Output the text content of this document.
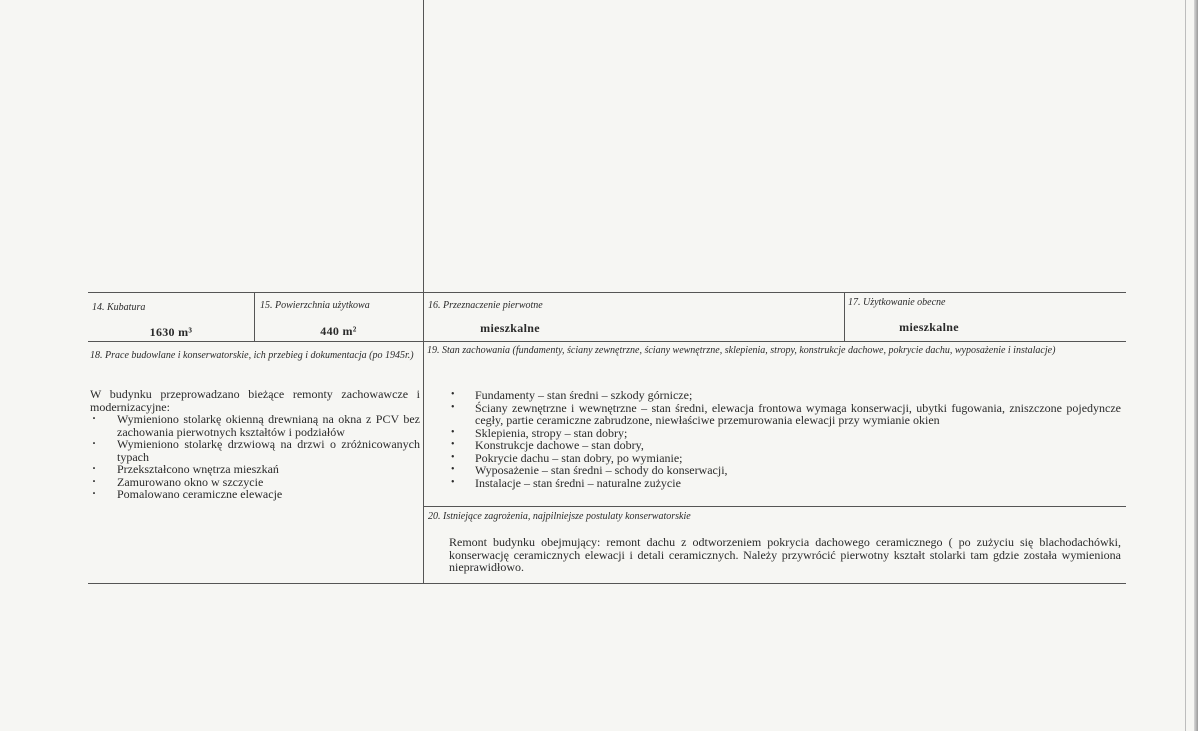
14. Kubatura
1630 m³
15. Powierzchnia użytkowa
440 m²
16. Przeznaczenie pierwotne
mieszkalne
17. Użytkowanie obecne
mieszkalne
18. Prace budowlane i konserwatorskie, ich przebieg i dokumentacja (po 1945r.)
W budynku przeprowadzano bieżące remonty zachowawcze i modernizacyjne:
· Wymieniono stolarkę okienną drewnianą na okna z PCV bez zachowania pierwotnych kształtów i podziałów
· Wymieniono stolarkę drzwiową na drzwi o zróżnicowanych typach
· Przekształcono wnętrza mieszkań
· Zamurowano okno w szczycie
· Pomalowano ceramiczne elewacje
19. Stan zachowania (fundamenty, ściany zewnętrzne, ściany wewnętrzne, sklepienia, stropy, konstrukcje dachowe, pokrycie dachu, wyposażenie i instalacje)
• Fundamenty – stan średni – szkody górnicze;
• Ściany zewnętrzne i wewnętrzne – stan średni, elewacja frontowa wymaga konserwacji, ubytki fugowania, zniszczone pojedyncze cegły, partie ceramiczne zabrudzone, niewłaściwe przemurowania elewacji przy wymianie okien
• Sklepienia, stropy – stan dobry;
• Konstrukcje dachowe – stan dobry,
• Pokrycie dachu – stan dobry, po wymianie;
• Wyposażenie – stan średni – schody do konserwacji,
• Instalacje – stan średni – naturalne zużycie
20. Istniejące zagrożenia, najpilniejsze postulaty konserwatorskie
Remont budynku obejmujący: remont dachu z odtworzeniem pokrycia dachowego ceramicznego ( po zużyciu się blachodachówki, konserwację ceramicznych elewacji i detali ceramicznych. Należy przywrócić pierwotny kształt stolarki tam gdzie została wymieniona nieprawidłowo.
